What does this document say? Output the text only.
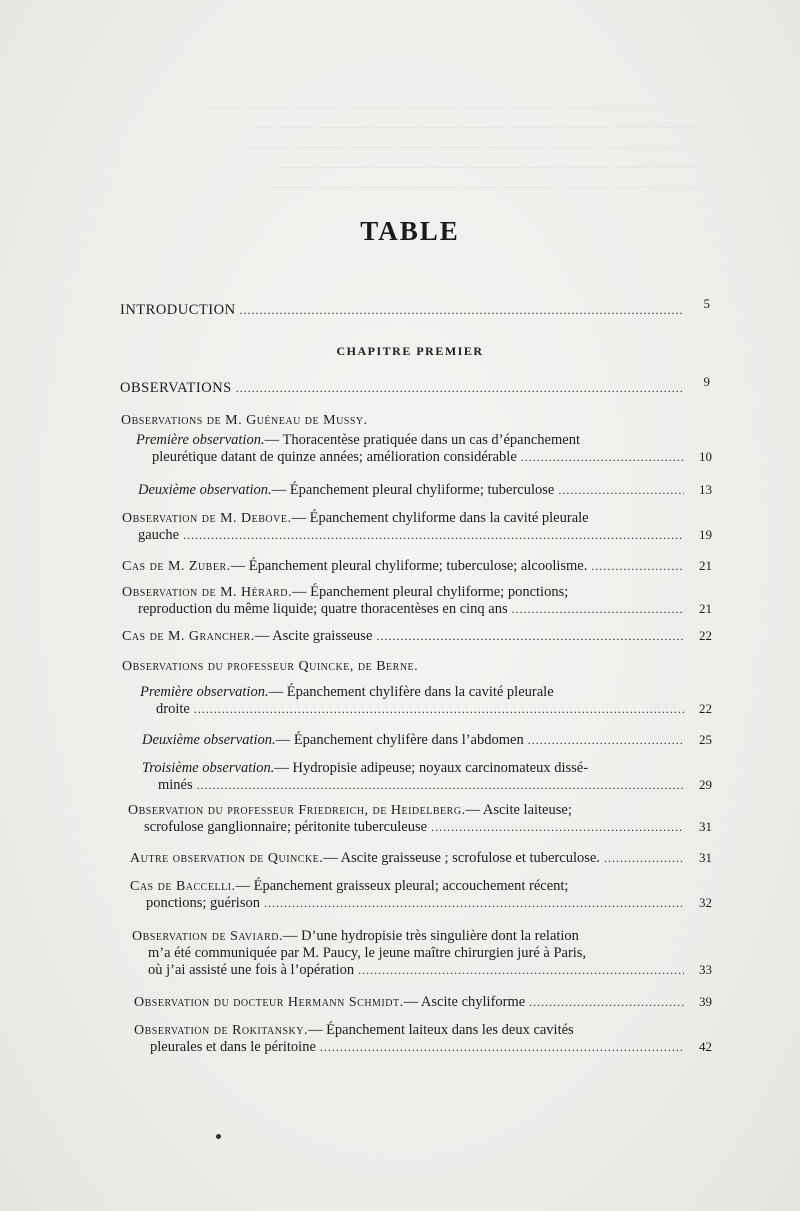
———— ——— ———— ———— ———— ———— ————— ———— ———— ———
———— ——— ———— ———— ———— ——— ———— ———— ——— ——
————— ——— ———— ————— ———— ——— ———— ———— ————
———— ——— ———— ——— ———— ——— ————— ———— ———
——— ———— ———— ————— ——— ———— ———— ——— ————
TABLE
INTRODUCTION .....	5
CHAPITRE PREMIER
OBSERVATIONS .....	9
Observations de M. Guéneau de Mussy.
Première observation. — Thoracentèse pratiquée dans un cas d’épanchement
pleurétique datant de quinze années; amélioration considérable .....	10
Deuxième observation. — Épanchement pleural chyliforme; tuberculose .....	13
Observation de M. Debove. — Épanchement chyliforme dans la cavité pleurale
gauche .....	19
Cas de M. Zuber. — Épanchement pleural chyliforme; tuberculose; alcoolisme. .....	21
Observation de M. Hérard. — Épanchement pleural chyliforme; ponctions;
reproduction du même liquide; quatre thoracentèses en cinq ans .....	21
Cas de M. Grancher. — Ascite graisseuse .....	22
Observations du professeur Quincke, de Berne.
Première observation. — Épanchement chylifère dans la cavité pleurale
droite .....	22
Deuxième observation. — Épanchement chylifère dans l’abdomen .....	25
Troisième observation. — Hydropisie adipeuse; noyaux carcinomateux dissé-
minés .....	29
Observation du professeur Friedreich, de Heidelberg. — Ascite laiteuse;
scrofulose ganglionnaire; péritonite tuberculeuse .....	31
Autre observation de Quincke. — Ascite graisseuse ; scrofulose et tuberculose. .....	31
Cas de Baccelli. — Épanchement graisseux pleural; accouchement récent;
ponctions; guérison .....	32
Observation de Saviard. — D’une hydropisie très singulière dont la relation
m’a été communiquée par M. Paucy, le jeune maître chirurgien juré à Paris,
où j’ai assisté une fois à l’opération .....	33
Observation du docteur Hermann Schmidt. — Ascite chyliforme .....	39
Observation de Rokitansky. — Épanchement laiteux dans les deux cavités
pleurales et dans le péritoine .....	42
